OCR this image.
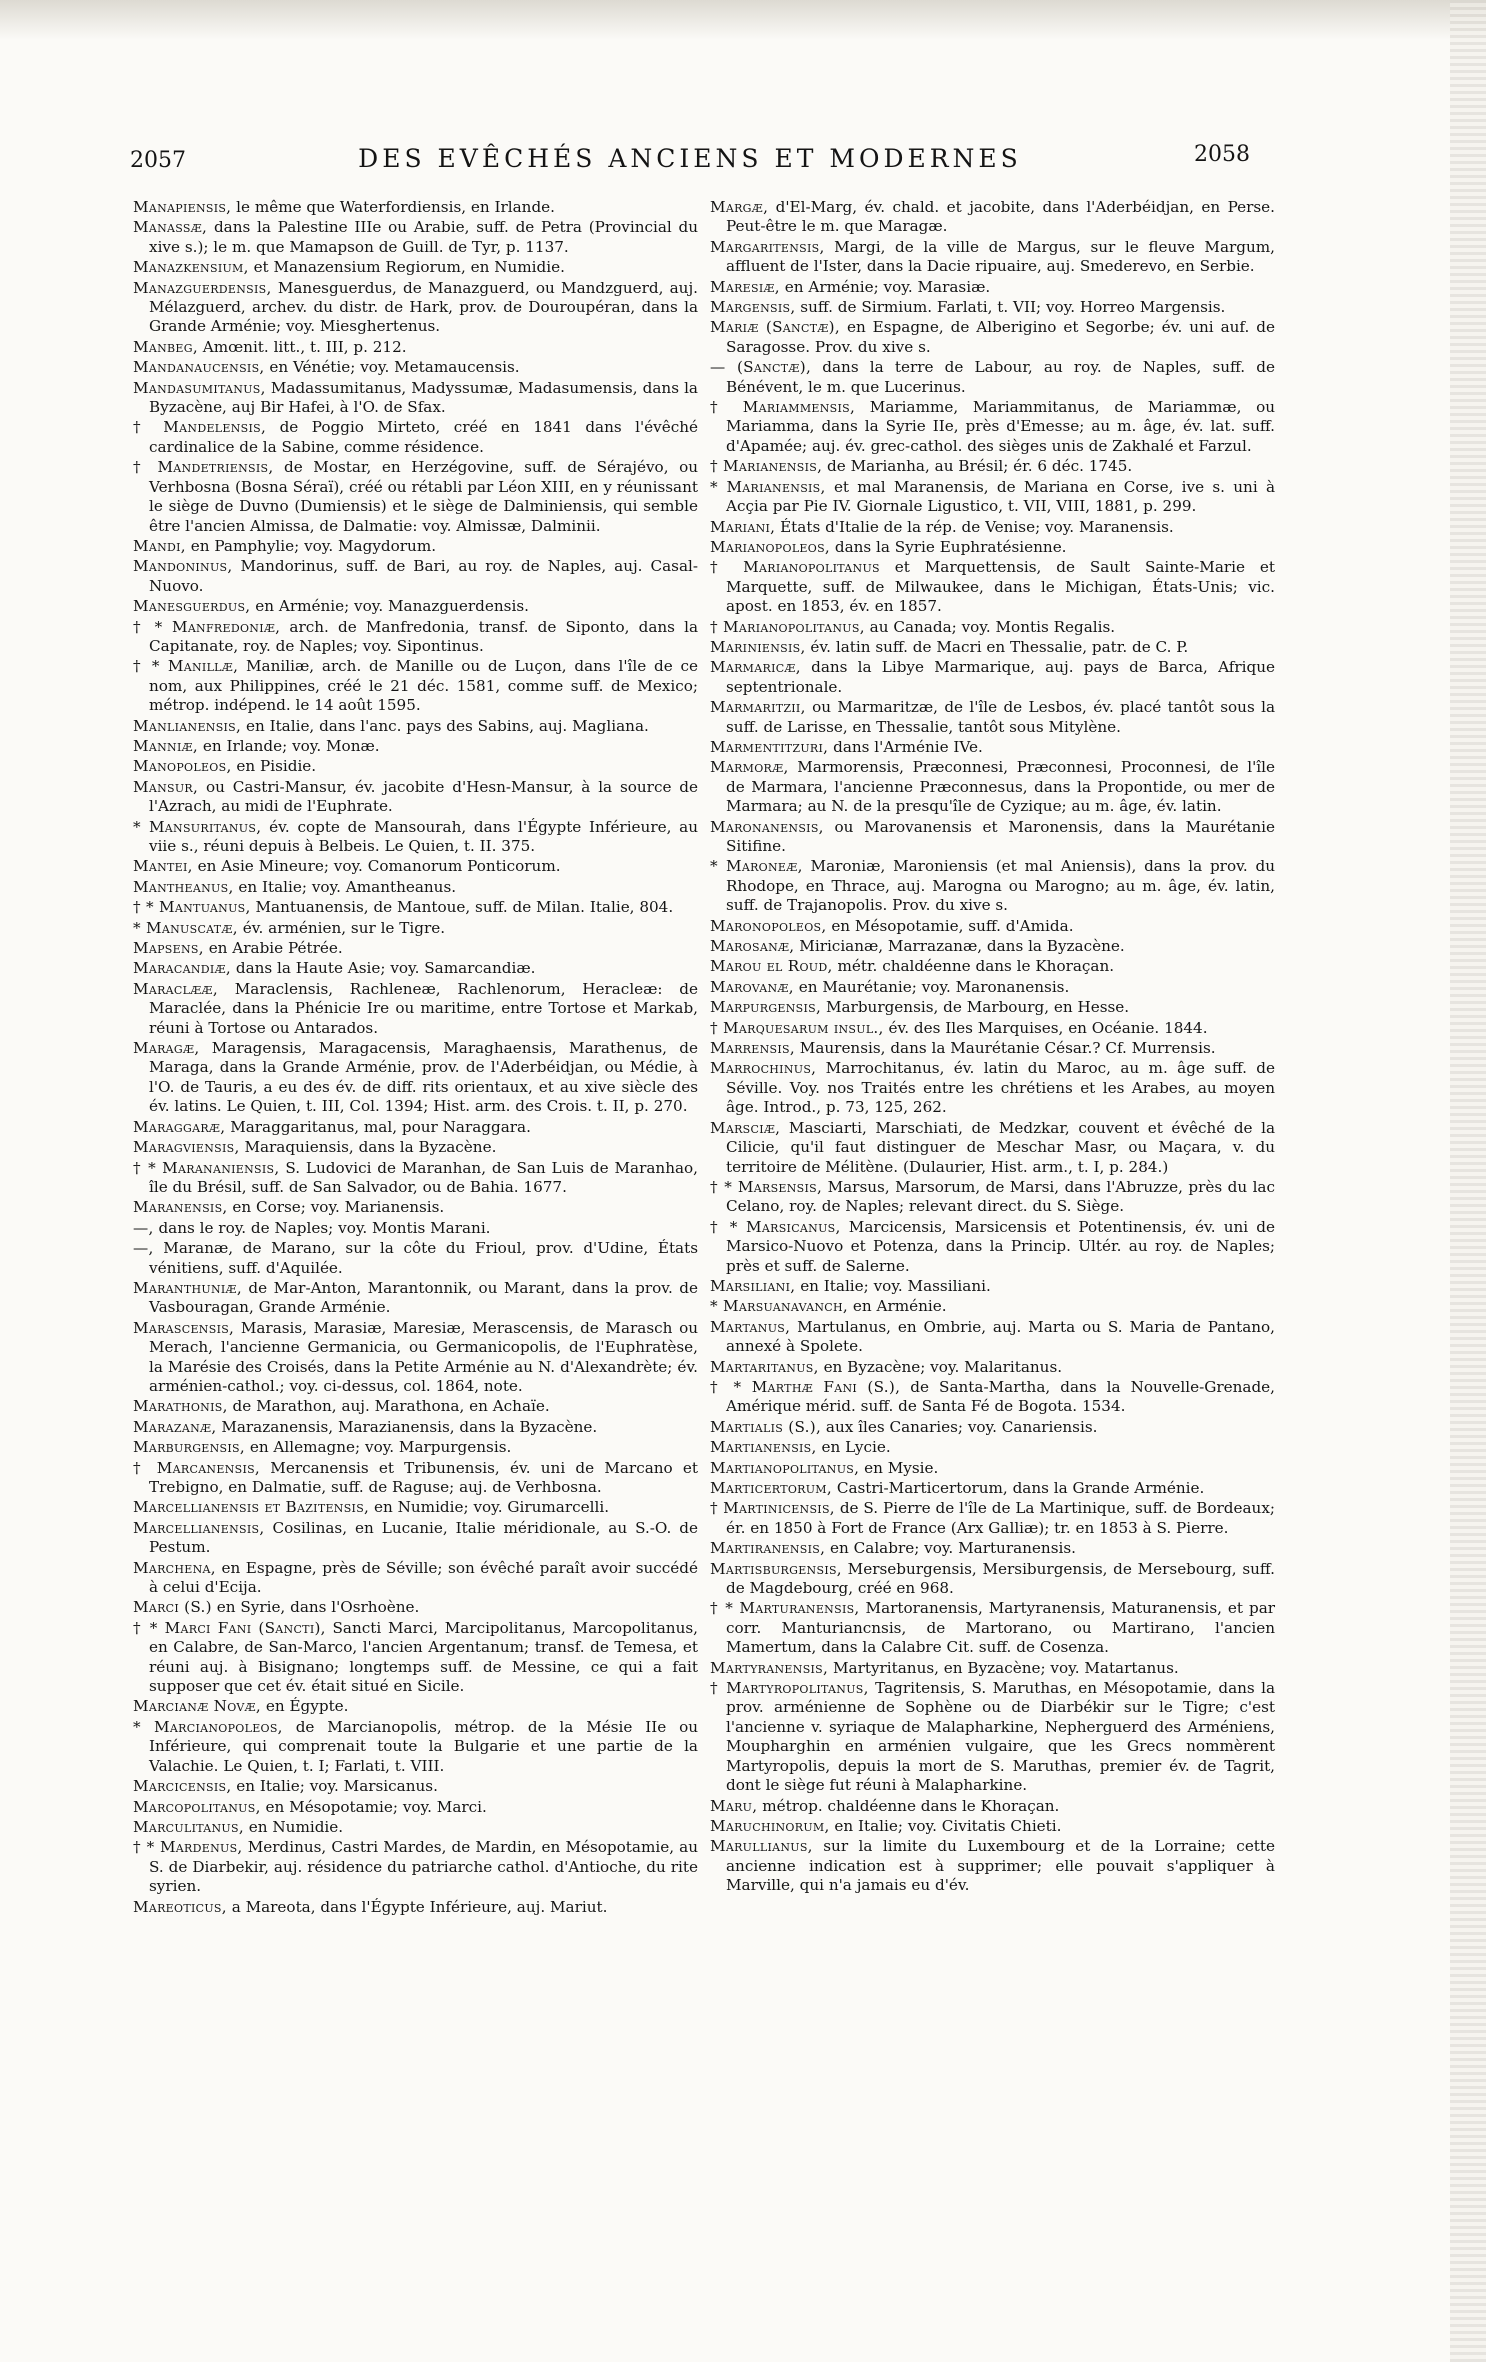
2057	DES EVÊCHÉS ANCIENS ET MODERNES	2058

Manapiensis, le même que Waterfordiensis, en Irlande.

Manassæ, dans la Palestine IIIe ou Arabie, suff. de Petra (Provincial du xive s.); le m. que Mamapson de Guill. de Tyr, p. 1137.

Manazkensium, et Manazensium Regiorum, en Numidie.

Manazguerdensis, Manesguerdus, de Manazguerd, ou Mandzguerd, auj. Mélazguerd, archev. du distr. de Hark, prov. de Douroupéran, dans la Grande Arménie; voy. Miesghertenus.

Manbeg, Amœnit. litt., t. III, p. 212.

Mandanaucensis, en Vénétie; voy. Metamaucensis.

Mandasumitanus, Madassumitanus, Madyssumæ, Madasumensis, dans la Byzacène, auj Bir Hafei, à l'O. de Sfax.

† Mandelensis, de Poggio Mirteto, créé en 1841 dans l'évêché cardinalice de la Sabine, comme résidence.

† Mandetriensis, de Mostar, en Herzégovine, suff. de Sérajévo, ou Verhbosna (Bosna Séraï), créé ou rétabli par Léon XIII, en y réunissant le siège de Duvno (Dumiensis) et le siège de Dalminiensis, qui semble être l'ancien Almissa, de Dalmatie: voy. Almissæ, Dalminii.

Mandi, en Pamphylie; voy. Magydorum.

Mandoninus, Mandorinus, suff. de Bari, au roy. de Naples, auj. Casal-Nuovo.

Manesguerdus, en Arménie; voy. Manazguerdensis.

† * Manfredoniæ, arch. de Manfredonia, transf. de Siponto, dans la Capitanate, roy. de Naples; voy. Sipontinus.

† * Manillæ, Maniliæ, arch. de Manille ou de Luçon, dans l'île de ce nom, aux Philippines, créé le 21 déc. 1581, comme suff. de Mexico; métrop. indépend. le 14 août 1595.

Manlianensis, en Italie, dans l'anc. pays des Sabins, auj. Magliana.

Manniæ, en Irlande; voy. Monæ.

Manopoleos, en Pisidie.

Mansur, ou Castri-Mansur, év. jacobite d'Hesn-Mansur, à la source de l'Azrach, au midi de l'Euphrate.

* Mansuritanus, év. copte de Mansourah, dans l'Égypte Inférieure, au viie s., réuni depuis à Belbeis. Le Quien, t. II. 375.

Mantei, en Asie Mineure; voy. Comanorum Ponticorum.

Mantheanus, en Italie; voy. Amantheanus.

† * Mantuanus, Mantuanensis, de Mantoue, suff. de Milan. Italie, 804.

* Manuscatæ, év. arménien, sur le Tigre.

Mapsens, en Arabie Pétrée.

Maracandiæ, dans la Haute Asie; voy. Samarcandiæ.

Maraclææ, Maraclensis, Rachleneæ, Rachlenorum, Heracleæ: de Maraclée, dans la Phénicie Ire ou maritime, entre Tortose et Markab, réuni à Tortose ou Antarados.

Maragæ, Maragensis, Maragacensis, Maraghaensis, Marathenus, de Maraga, dans la Grande Arménie, prov. de l'Aderbéidjan, ou Médie, à l'O. de Tauris, a eu des év. de diff. rits orientaux, et au xive siècle des év. latins. Le Quien, t. III, Col. 1394; Hist. arm. des Crois. t. II, p. 270.

Maraggaræ, Maraggaritanus, mal, pour Naraggara.

Maragviensis, Maraquiensis, dans la Byzacène.

† * Marananiensis, S. Ludovici de Maranhan, de San Luis de Maranhao, île du Brésil, suff. de San Salvador, ou de Bahia. 1677.

Maranensis, en Corse; voy. Marianensis.

—, dans le roy. de Naples; voy. Montis Marani.

—, Maranæ, de Marano, sur la côte du Frioul, prov. d'Udine, États vénitiens, suff. d'Aquilée.

Maranthuniæ, de Mar-Anton, Marantonnik, ou Marant, dans la prov. de Vasbouragan, Grande Arménie.

Marascensis, Marasis, Marasiæ, Maresiæ, Merascensis, de Marasch ou Merach, l'ancienne Germanicia, ou Germanicopolis, de l'Euphratèse, la Marésie des Croisés, dans la Petite Arménie au N. d'Alexandrète; év. arménien-cathol.; voy. ci-dessus, col. 1864, note.

Marathonis, de Marathon, auj. Marathona, en Achaïe.

Marazanæ, Marazanensis, Marazianensis, dans la Byzacène.

Marburgensis, en Allemagne; voy. Marpurgensis.

† Marcanensis, Mercanensis et Tribunensis, év. uni de Marcano et Trebigno, en Dalmatie, suff. de Raguse; auj. de Verhbosna.

Marcellianensis et Bazitensis, en Numidie; voy. Girumarcelli.

Marcellianensis, Cosilinas, en Lucanie, Italie méridionale, au S.-O. de Pestum.

Marchena, en Espagne, près de Séville; son évêché paraît avoir succédé à celui d'Ecija.

Marci (S.) en Syrie, dans l'Osrhoène.

† * Marci Fani (Sancti), Sancti Marci, Marcipolitanus, Marcopolitanus, en Calabre, de San-Marco, l'ancien Argentanum; transf. de Temesa, et réuni auj. à Bisignano; longtemps suff. de Messine, ce qui a fait supposer que cet év. était situé en Sicile.

Marcianæ Novæ, en Égypte.

* Marcianopoleos, de Marcianopolis, métrop. de la Mésie IIe ou Inférieure, qui comprenait toute la Bulgarie et une partie de la Valachie. Le Quien, t. I; Farlati, t. VIII.

Marcicensis, en Italie; voy. Marsicanus.

Marcopolitanus, en Mésopotamie; voy. Marci.

Marculitanus, en Numidie.

† * Mardenus, Merdinus, Castri Mardes, de Mardin, en Mésopotamie, au S. de Diarbekir, auj. résidence du patriarche cathol. d'Antioche, du rite syrien.

Mareoticus, a Mareota, dans l'Égypte Inférieure, auj. Mariut.

Margæ, d'El-Marg, év. chald. et jacobite, dans l'Aderbéidjan, en Perse. Peut-être le m. que Maragæ.

Margaritensis, Margi, de la ville de Margus, sur le fleuve Margum, affluent de l'Ister, dans la Dacie ripuaire, auj. Smederevo, en Serbie.

Maresiæ, en Arménie; voy. Marasiæ.

Margensis, suff. de Sirmium. Farlati, t. VII; voy. Horreo Margensis.

Mariæ (Sanctæ), en Espagne, de Alberigino et Segorbe; év. uni auf. de Saragosse. Prov. du xive s.

— (Sanctæ), dans la terre de Labour, au roy. de Naples, suff. de Bénévent, le m. que Lucerinus.

† Mariammensis, Mariamme, Mariammitanus, de Mariammæ, ou Mariamma, dans la Syrie IIe, près d'Emesse; au m. âge, év. lat. suff. d'Apamée; auj. év. grec-cathol. des sièges unis de Zakhalé et Farzul.

† Marianensis, de Marianha, au Brésil; ér. 6 déc. 1745.

* Marianensis, et mal Maranensis, de Mariana en Corse, ive s. uni à Acçia par Pie IV. Giornale Ligustico, t. VII, VIII, 1881, p. 299.

Mariani, États d'Italie de la rép. de Venise; voy. Maranensis.

Marianopoleos, dans la Syrie Euphratésienne.

† Marianopolitanus et Marquettensis, de Sault Sainte-Marie et Marquette, suff. de Milwaukee, dans le Michigan, États-Unis; vic. apost. en 1853, év. en 1857.

† Marianopolitanus, au Canada; voy. Montis Regalis.

Mariniensis, év. latin suff. de Macri en Thessalie, patr. de C. P.

Marmaricæ, dans la Libye Marmarique, auj. pays de Barca, Afrique septentrionale.

Marmaritzii, ou Marmaritzæ, de l'île de Lesbos, év. placé tantôt sous la suff. de Larisse, en Thessalie, tantôt sous Mitylène.

Marmentitzuri, dans l'Arménie IVe.

Marmoræ, Marmorensis, Præconnesi, Præconnesi, Proconnesi, de l'île de Marmara, l'ancienne Præconnesus, dans la Propontide, ou mer de Marmara; au N. de la presqu'île de Cyzique; au m. âge, év. latin.

Maronanensis, ou Marovanensis et Maronensis, dans la Maurétanie Sitifine.

* Maroneæ, Maroniæ, Maroniensis (et mal Aniensis), dans la prov. du Rhodope, en Thrace, auj. Marogna ou Marogno; au m. âge, év. latin, suff. de Trajanopolis. Prov. du xive s.

Maronopoleos, en Mésopotamie, suff. d'Amida.

Marosanæ, Miricianæ, Marrazanæ, dans la Byzacène.

Marou el Roud, métr. chaldéenne dans le Khoraçan.

Marovanæ, en Maurétanie; voy. Maronanensis.

Marpurgensis, Marburgensis, de Marbourg, en Hesse.

† Marquesarum insul., év. des Iles Marquises, en Océanie. 1844.

Marrensis, Maurensis, dans la Maurétanie César.? Cf. Murrensis.

Marrochinus, Marrochitanus, év. latin du Maroc, au m. âge suff. de Séville. Voy. nos Traités entre les chrétiens et les Arabes, au moyen âge. Introd., p. 73, 125, 262.

Marsciæ, Masciarti, Marschiati, de Medzkar, couvent et évêché de la Cilicie, qu'il faut distinguer de Meschar Masr, ou Maçara, v. du territoire de Mélitène. (Dulaurier, Hist. arm., t. I, p. 284.)

† * Marsensis, Marsus, Marsorum, de Marsi, dans l'Abruzze, près du lac Celano, roy. de Naples; relevant direct. du S. Siège.

† * Marsicanus, Marcicensis, Marsicensis et Potentinensis, év. uni de Marsico-Nuovo et Potenza, dans la Princip. Ultér. au roy. de Naples; près et suff. de Salerne.

Marsiliani, en Italie; voy. Massiliani.

* Marsuanavanch, en Arménie.

Martanus, Martulanus, en Ombrie, auj. Marta ou S. Maria de Pantano, annexé à Spolete.

Martaritanus, en Byzacène; voy. Malaritanus.

† * Marthæ Fani (S.), de Santa-Martha, dans la Nouvelle-Grenade, Amérique mérid. suff. de Santa Fé de Bogota. 1534.

Martialis (S.), aux îles Canaries; voy. Canariensis.

Martianensis, en Lycie.

Martianopolitanus, en Mysie.

Marticertorum, Castri-Marticertorum, dans la Grande Arménie.

† Martinicensis, de S. Pierre de l'île de La Martinique, suff. de Bordeaux; ér. en 1850 à Fort de France (Arx Galliæ); tr. en 1853 à S. Pierre.

Martiranensis, en Calabre; voy. Marturanensis.

Martisburgensis, Merseburgensis, Mersiburgensis, de Mersebourg, suff. de Magdebourg, créé en 968.

† * Marturanensis, Martoranensis, Martyranensis, Maturanensis, et par corr. Manturiancnsis, de Martorano, ou Martirano, l'ancien Mamertum, dans la Calabre Cit. suff. de Cosenza.

Martyranensis, Martyritanus, en Byzacène; voy. Matartanus.

† Martyropolitanus, Tagritensis, S. Maruthas, en Mésopotamie, dans la prov. arménienne de Sophène ou de Diarbékir sur le Tigre; c'est l'ancienne v. syriaque de Malapharkine, Nepherguerd des Arméniens, Moupharghin en arménien vulgaire, que les Grecs nommèrent Martyropolis, depuis la mort de S. Maruthas, premier év. de Tagrit, dont le siège fut réuni à Malapharkine.

Maru, métrop. chaldéenne dans le Khoraçan.

Maruchinorum, en Italie; voy. Civitatis Chieti.

Marullianus, sur la limite du Luxembourg et de la Lorraine; cette ancienne indication est à supprimer; elle pouvait s'appliquer à Marville, qui n'a jamais eu d'év.
